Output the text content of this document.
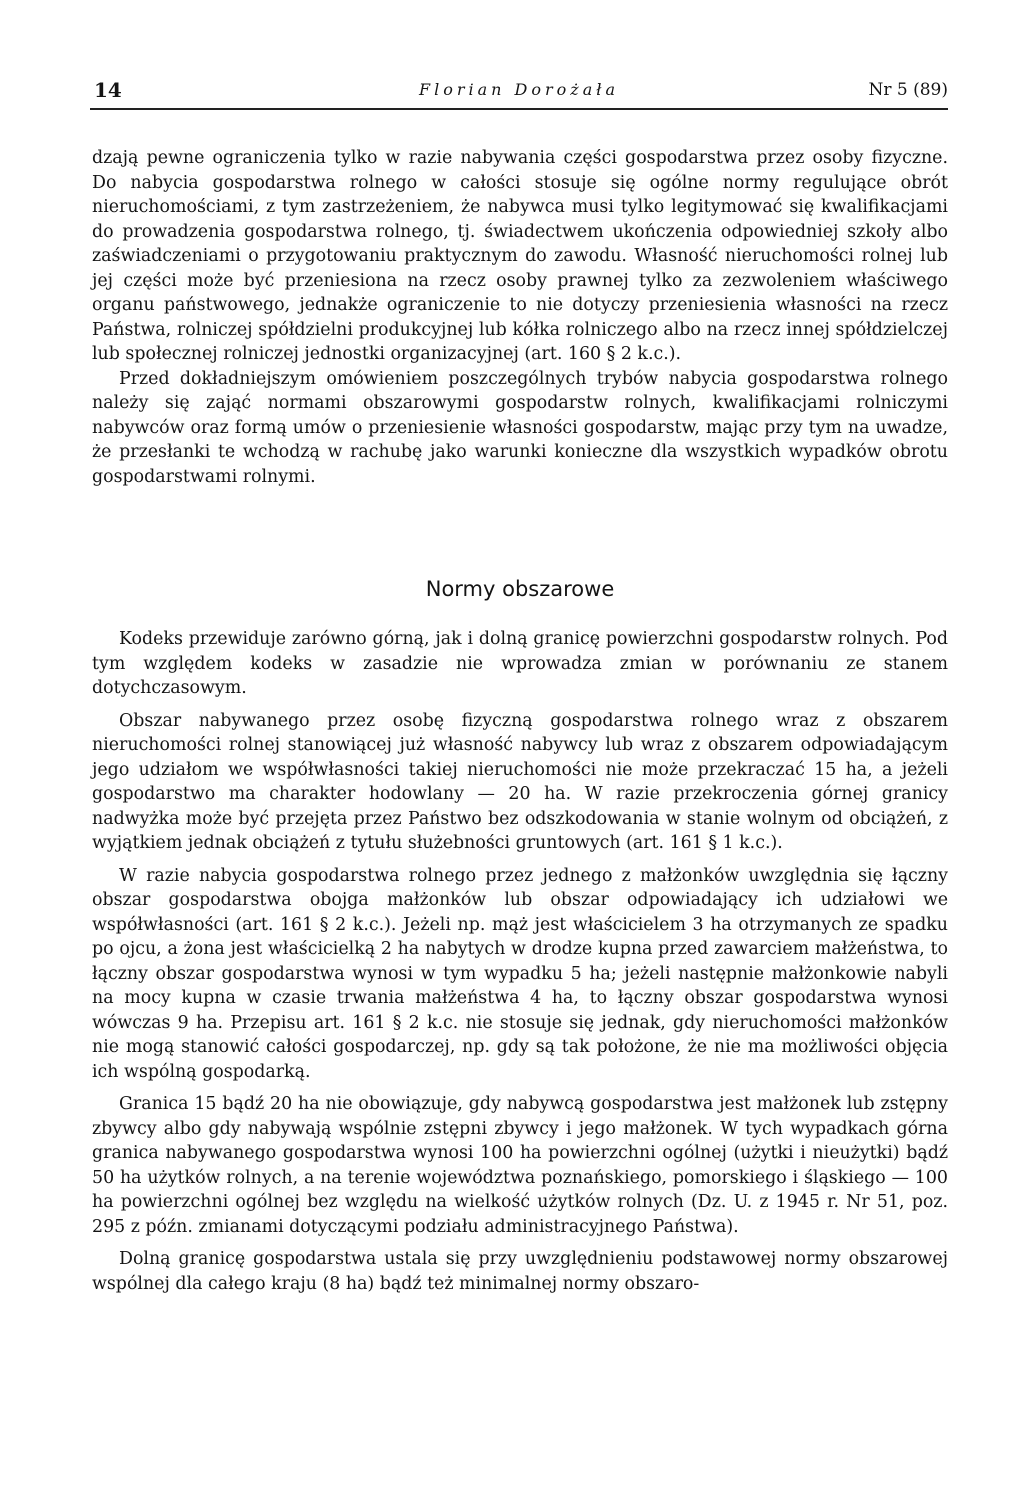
14	Florian Dorożała	Nr 5 (89)

dzają pewne ograniczenia tylko w razie nabywania części gospodarstwa przez osoby fizyczne. Do nabycia gospodarstwa rolnego w całości stosuje się ogólne normy regulujące obrót nieruchomościami, z tym zastrzeżeniem, że nabywca musi tylko legitymować się kwalifikacjami do prowadzenia gospodarstwa rolnego, tj. świadectwem ukończenia odpowiedniej szkoły albo zaświadczeniami o przygotowaniu praktycznym do zawodu. Własność nieruchomości rolnej lub jej części może być przeniesiona na rzecz osoby prawnej tylko za zezwoleniem właściwego organu państwowego, jednakże ograniczenie to nie dotyczy przeniesienia własności na rzecz Państwa, rolniczej spółdzielni produkcyjnej lub kółka rolniczego albo na rzecz innej spółdzielczej lub społecznej rolniczej jednostki organizacyjnej (art. 160 § 2 k.c.).

Przed dokładniejszym omówieniem poszczególnych trybów nabycia gospodarstwa rolnego należy się zająć normami obszarowymi gospodarstw rolnych, kwalifikacjami rolniczymi nabywców oraz formą umów o przeniesienie własności gospodarstw, mając przy tym na uwadze, że przesłanki te wchodzą w rachubę jako warunki konieczne dla wszystkich wypadków obrotu gospodarstwami rolnymi.

Normy obszarowe

Kodeks przewiduje zarówno górną, jak i dolną granicę powierzchni gospodarstw rolnych. Pod tym względem kodeks w zasadzie nie wprowadza zmian w porównaniu ze stanem dotychczasowym.

Obszar nabywanego przez osobę fizyczną gospodarstwa rolnego wraz z obszarem nieruchomości rolnej stanowiącej już własność nabywcy lub wraz z obszarem odpowiadającym jego udziałom we współwłasności takiej nieruchomości nie może przekraczać 15 ha, a jeżeli gospodarstwo ma charakter hodowlany — 20 ha. W razie przekroczenia górnej granicy nadwyżka może być przejęta przez Państwo bez odszkodowania w stanie wolnym od obciążeń, z wyjątkiem jednak obciążeń z tytułu służebności gruntowych (art. 161 § 1 k.c.).

W razie nabycia gospodarstwa rolnego przez jednego z małżonków uwzględnia się łączny obszar gospodarstwa obojga małżonków lub obszar odpowiadający ich udziałowi we współwłasności (art. 161 § 2 k.c.). Jeżeli np. mąż jest właścicielem 3 ha otrzymanych ze spadku po ojcu, a żona jest właścicielką 2 ha nabytych w drodze kupna przed zawarciem małżeństwa, to łączny obszar gospodarstwa wynosi w tym wypadku 5 ha; jeżeli następnie małżonkowie nabyli na mocy kupna w czasie trwania małżeństwa 4 ha, to łączny obszar gospodarstwa wynosi wówczas 9 ha. Przepisu art. 161 § 2 k.c. nie stosuje się jednak, gdy nieruchomości małżonków nie mogą stanowić całości gospodarczej, np. gdy są tak położone, że nie ma możliwości objęcia ich wspólną gospodarką.

Granica 15 bądź 20 ha nie obowiązuje, gdy nabywcą gospodarstwa jest małżonek lub zstępny zbywcy albo gdy nabywają wspólnie zstępni zbywcy i jego małżonek. W tych wypadkach górna granica nabywanego gospodarstwa wynosi 100 ha powierzchni ogólnej (użytki i nieużytki) bądź 50 ha użytków rolnych, a na terenie województwa poznańskiego, pomorskiego i śląskiego — 100 ha powierzchni ogólnej bez względu na wielkość użytków rolnych (Dz. U. z 1945 r. Nr 51, poz. 295 z późn. zmianami dotyczącymi podziału administracyjnego Państwa).

Dolną granicę gospodarstwa ustala się przy uwzględnieniu podstawowej normy obszarowej wspólnej dla całego kraju (8 ha) bądź też minimalnej normy obszaro-
